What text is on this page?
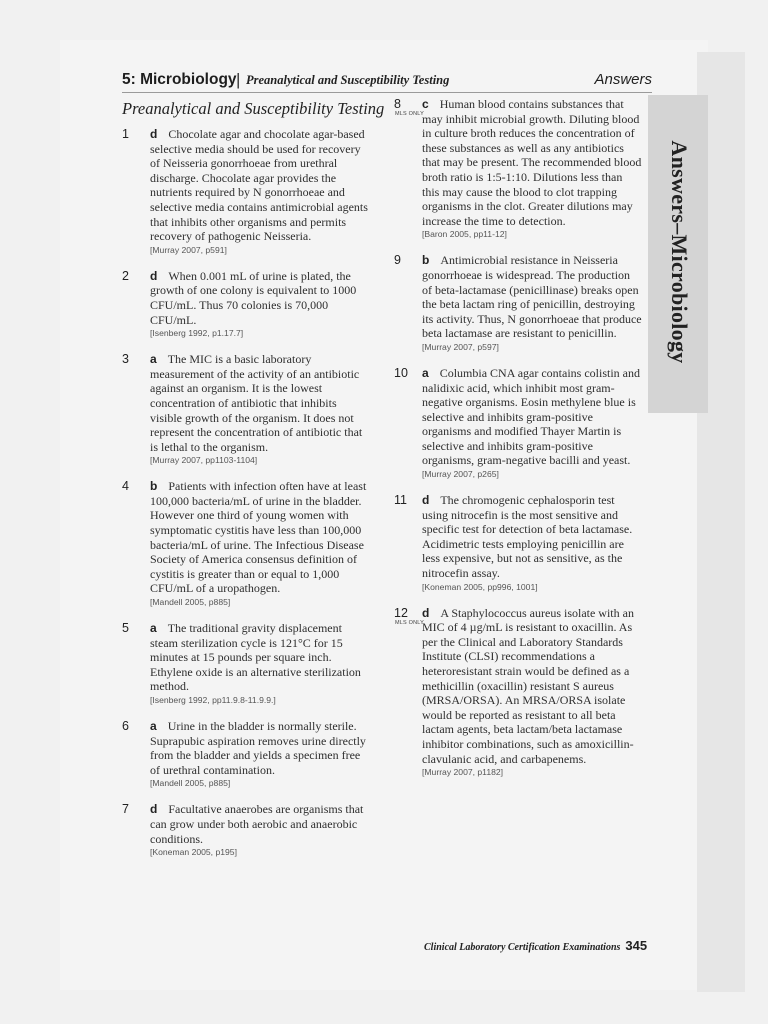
Answers–Microbiology
5: Microbiology | Preanalytical and Susceptibility Testing	Answers
Preanalytical and Susceptibility Testing
1 d Chocolate agar and chocolate agar-based selective media should be used for recovery of Neisseria gonorrhoeae from urethral discharge. Chocolate agar provides the nutrients required by N gonorrhoeae and selective media contains antimicrobial agents that inhibits other organisms and permits recovery of pathogenic Neisseria.
[Murray 2007, p591]
2 d When 0.001 mL of urine is plated, the growth of one colony is equivalent to 1000 CFU/mL. Thus 70 colonies is 70,000 CFU/mL.
[Isenberg 1992, p1.17.7]
3 a The MIC is a basic laboratory measurement of the activity of an antibiotic against an organism. It is the lowest concentration of antibiotic that inhibits visible growth of the organism. It does not represent the concentration of antibiotic that is lethal to the organism.
[Murray 2007, pp1103-1104]
4 b Patients with infection often have at least 100,000 bacteria/mL of urine in the bladder. However one third of young women with symptomatic cystitis have less than 100,000 bacteria/mL of urine. The Infectious Disease Society of America consensus definition of cystitis is greater than or equal to 1,000 CFU/mL of a uropathogen.
[Mandell 2005, p885]
5 a The traditional gravity displacement steam sterilization cycle is 121°C for 15 minutes at 15 pounds per square inch. Ethylene oxide is an alternative sterilization method.
[Isenberg 1992, pp11.9.8-11.9.9.]
6 a Urine in the bladder is normally sterile. Suprapubic aspiration removes urine directly from the bladder and yields a specimen free of urethral contamination.
[Mandell 2005, p885]
7 d Facultative anaerobes are organisms that can grow under both aerobic and anaerobic conditions.
[Koneman 2005, p195]
8
MLS ONLY
c Human blood contains substances that may inhibit microbial growth. Diluting blood in culture broth reduces the concentration of these substances as well as any antibiotics that may be present. The recommended blood broth ratio is 1:5-1:10. Dilutions less than this may cause the blood to clot trapping organisms in the clot. Greater dilutions may increase the time to detection.
[Baron 2005, pp11-12]
9 b Antimicrobial resistance in Neisseria gonorrhoeae is widespread. The production of beta-lactamase (penicillinase) breaks open the beta lactam ring of penicillin, destroying its activity. Thus, N gonorrhoeae that produce beta lactamase are resistant to penicillin.
[Murray 2007, p597]
10 a Columbia CNA agar contains colistin and nalidixic acid, which inhibit most gram-negative organisms. Eosin methylene blue is selective and inhibits gram-positive organisms and modified Thayer Martin is selective and inhibits gram-positive organisms, gram-negative bacilli and yeast.
[Murray 2007, p265]
11 d The chromogenic cephalosporin test using nitrocefin is the most sensitive and specific test for detection of beta lactamase. Acidimetric tests employing penicillin are less expensive, but not as sensitive, as the nitrocefin assay.
[Koneman 2005, pp996, 1001]
12
MLS ONLY
d A Staphylococcus aureus isolate with an MIC of 4 µg/mL is resistant to oxacillin. As per the Clinical and Laboratory Standards Institute (CLSI) recommendations a heteroresistant strain would be defined as a methicillin (oxacillin) resistant S aureus (MRSA/ORSA). An MRSA/ORSA isolate would be reported as resistant to all beta lactam agents, beta lactam/beta lactamase inhibitor combinations, such as amoxicillin-clavulanic acid, and carbapenems.
[Murray 2007, p1182]
Clinical Laboratory Certification Examinations 345
